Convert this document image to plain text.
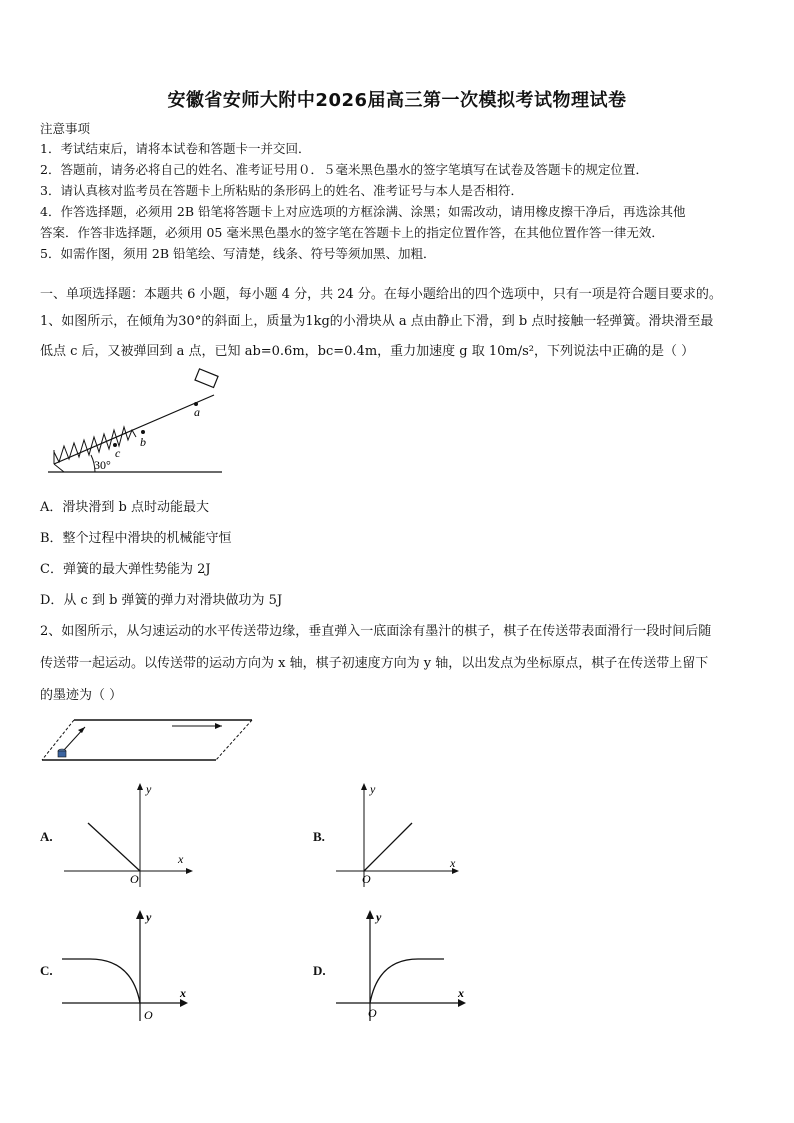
安徽省安师大附中2026届高三第一次模拟考试物理试卷
注意事项
1．考试结束后，请将本试卷和答题卡一并交回．
2．答题前，请务必将自己的姓名、准考证号用０．５毫米黑色墨水的签字笔填写在试卷及答题卡的规定位置．
3．请认真核对监考员在答题卡上所粘贴的条形码上的姓名、准考证号与本人是否相符．
4．作答选择题，必须用 2B 铅笔将答题卡上对应选项的方框涂满、涂黑；如需改动，请用橡皮擦干净后，再选涂其他
答案．作答非选择题，必须用 05 毫米黑色墨水的签字笔在答题卡上的指定位置作答，在其他位置作答一律无效．
5．如需作图，须用 2B 铅笔绘、写清楚，线条、符号等须加黑、加粗．
一、单项选择题：本题共 6 小题，每小题 4 分，共 24 分。在每小题给出的四个选项中，只有一项是符合题目要求的。
1、如图所示，在倾角为30°的斜面上，质量为1kg的小滑块从 a 点由静止下滑，到 b 点时接触一轻弹簧。滑块滑至最
低点 c 后，又被弹回到 a 点，已知 ab=0.6m，bc=0.4m，重力加速度 g 取 10m/s²，下列说法中正确的是（ ）
a
b
c
30°
A．滑块滑到 b 点时动能最大
B．整个过程中滑块的机械能守恒
C．弹簧的最大弹性势能为 2J
D．从 c 到 b 弹簧的弹力对滑块做功为 5J
2、如图所示，从匀速运动的水平传送带边缘，垂直弹入一底面涂有墨汁的棋子，棋子在传送带表面滑行一段时间后随
传送带一起运动。以传送带的运动方向为 x 轴，棋子初速度方向为 y 轴，以出发点为坐标原点，棋子在传送带上留下
的墨迹为（ ）
A.
x
y
O
B.
x
y
O
C.
x
y
O
D.
x
y
O
